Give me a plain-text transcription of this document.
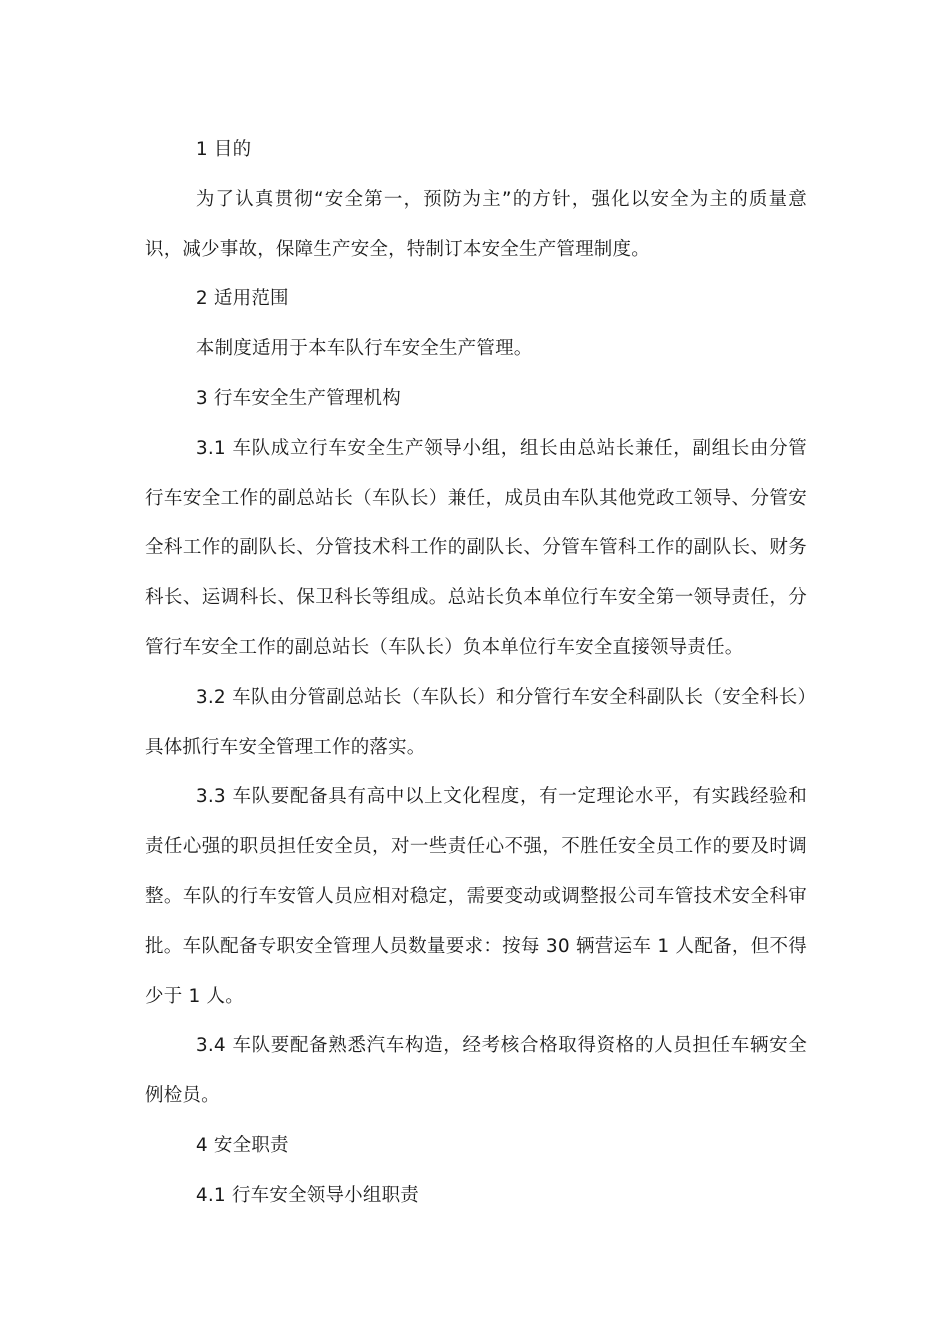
1 目的

为了认真贯彻“安全第一，预防为主”的方针，强化以安全为主的质量意识，减少事故，保障生产安全，特制订本安全生产管理制度。

2 适用范围

本制度适用于本车队行车安全生产管理。

3 行车安全生产管理机构

3.1 车队成立行车安全生产领导小组，组长由总站长兼任，副组长由分管行车安全工作的副总站长（车队长）兼任，成员由车队其他党政工领导、分管安全科工作的副队长、分管技术科工作的副队长、分管车管科工作的副队长、财务科长、运调科长、保卫科长等组成。总站长负本单位行车安全第一领导责任，分管行车安全工作的副总站长（车队长）负本单位行车安全直接领导责任。

3.2 车队由分管副总站长（车队长）和分管行车安全科副队长（安全科长）具体抓行车安全管理工作的落实。

3.3 车队要配备具有高中以上文化程度，有一定理论水平，有实践经验和责任心强的职员担任安全员，对一些责任心不强，不胜任安全员工作的要及时调整。车队的行车安管人员应相对稳定，需要变动或调整报公司车管技术安全科审批。车队配备专职安全管理人员数量要求：按每 30 辆营运车 1 人配备，但不得少于 1 人。

3.4 车队要配备熟悉汽车构造，经考核合格取得资格的人员担任车辆安全例检员。

4 安全职责

4.1 行车安全领导小组职责
